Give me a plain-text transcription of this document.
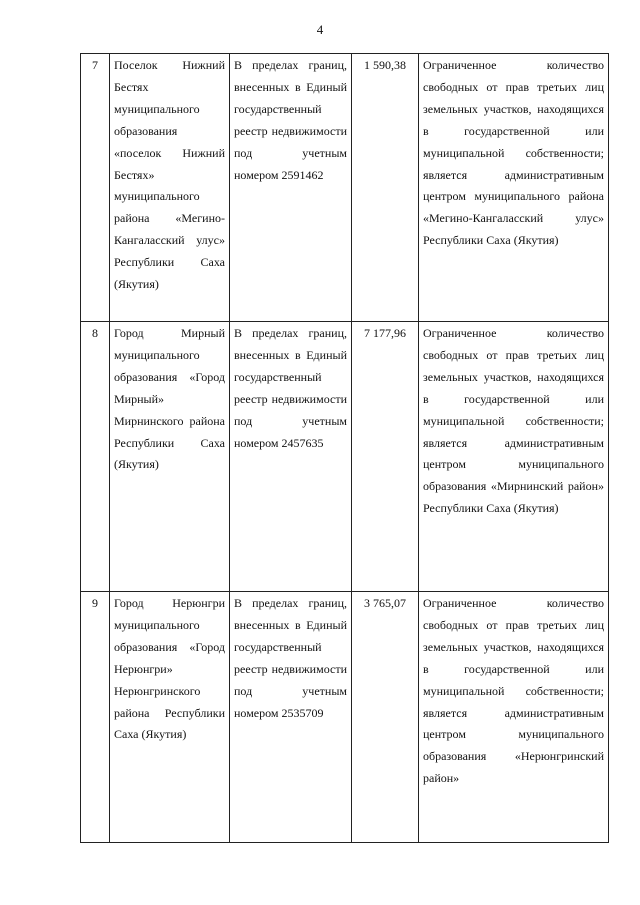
4
7	Поселок Нижний Бестях муниципального образования «поселок Нижний Бестях» муниципального района «Мегино-Кангаласский улус» Республики Саха (Якутия)	В пределах границ, внесенных в Единый государственный реестр недвижимости под учетным номером 2591462	1 590,38	Ограниченное количество свободных от прав третьих лиц земельных участков, находящихся в государственной или муниципальной собственности; является административным центром муниципального района «Мегино-Кангаласский улус» Республики Саха (Якутия)
8	Город Мирный муниципального образования «Город Мирный» Мирнинского района Республики Саха (Якутия)	В пределах границ, внесенных в Единый государственный реестр недвижимости под учетным номером 2457635	7 177,96	Ограниченное количество свободных от прав третьих лиц земельных участков, находящихся в государственной или муниципальной собственности; является административным центром муниципального образования «Мирнинский район» Республики Саха (Якутия)
9	Город Нерюнгри муниципального образования «Город Нерюнгри» Нерюнгринского района Республики Саха (Якутия)	В пределах границ, внесенных в Единый государственный реестр недвижимости под учетным номером 2535709	3 765,07	Ограниченное количество свободных от прав третьих лиц земельных участков, находящихся в государственной или муниципальной собственности; является административным центром муниципального образования «Нерюнгринский район»
